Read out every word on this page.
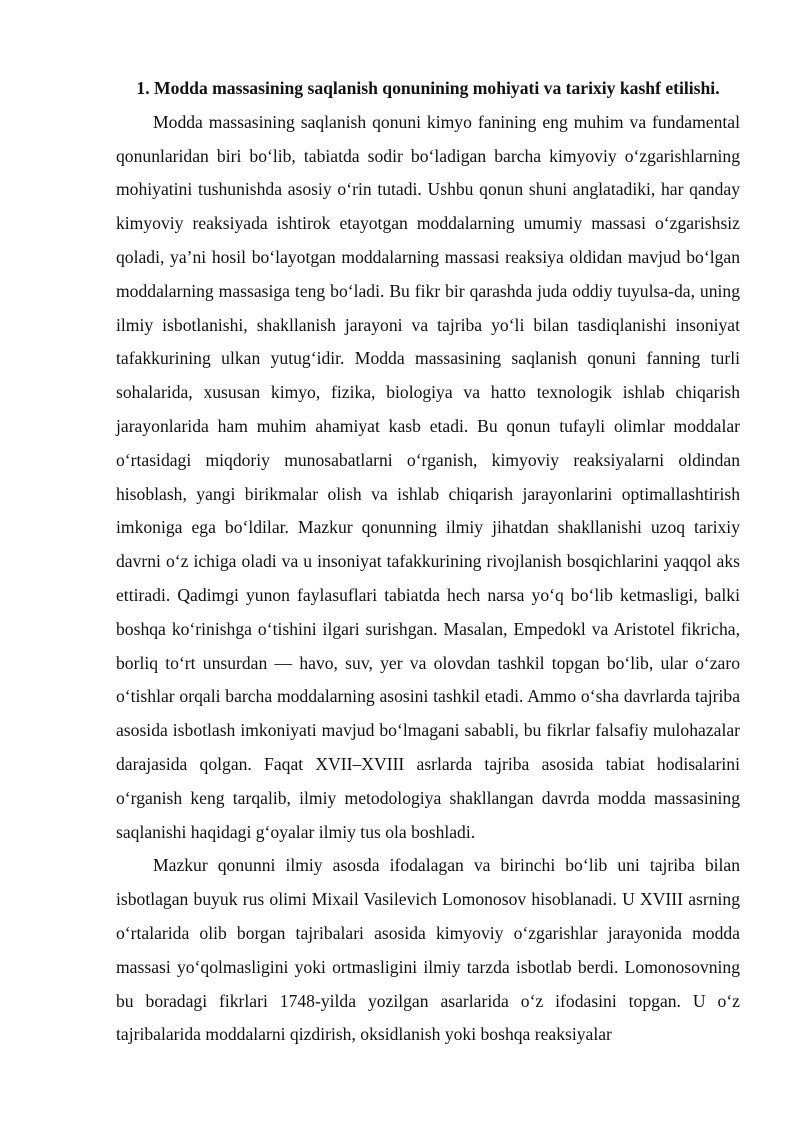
1. Modda massasining saqlanish qonunining mohiyati va tarixiy kashf etilishi.

Modda massasining saqlanish qonuni kimyo fanining eng muhim va fundamental qonunlaridan biri bo‘lib, tabiatda sodir bo‘ladigan barcha kimyoviy o‘zgarishlarning mohiyatini tushunishda asosiy o‘rin tutadi. Ushbu qonun shuni anglatadiki, har qanday kimyoviy reaksiyada ishtirok etayotgan moddalarning umumiy massasi o‘zgarishsiz qoladi, ya’ni hosil bo‘layotgan moddalarning massasi reaksiya oldidan mavjud bo‘lgan moddalarning massasiga teng bo‘ladi. Bu fikr bir qarashda juda oddiy tuyulsa-da, uning ilmiy isbotlanishi, shakllanish jarayoni va tajriba yo‘li bilan tasdiqlanishi insoniyat tafakkurining ulkan yutug‘idir. Modda massasining saqlanish qonuni fanning turli sohalarida, xususan kimyo, fizika, biologiya va hatto texnologik ishlab chiqarish jarayonlarida ham muhim ahamiyat kasb etadi. Bu qonun tufayli olimlar moddalar o‘rtasidagi miqdoriy munosabatlarni o‘rganish, kimyoviy reaksiyalarni oldindan hisoblash, yangi birikmalar olish va ishlab chiqarish jarayonlarini optimallashtirish imkoniga ega bo‘ldilar. Mazkur qonunning ilmiy jihatdan shakllanishi uzoq tarixiy davrni o‘z ichiga oladi va u insoniyat tafakkurining rivojlanish bosqichlarini yaqqol aks ettiradi. Qadimgi yunon faylasuflari tabiatda hech narsa yo‘q bo‘lib ketmasligi, balki boshqa ko‘rinishga o‘tishini ilgari surishgan. Masalan, Empedokl va Aristotel fikricha, borliq to‘rt unsurdan — havo, suv, yer va olovdan tashkil topgan bo‘lib, ular o‘zaro o‘tishlar orqali barcha moddalarning asosini tashkil etadi. Ammo o‘sha davrlarda tajriba asosida isbotlash imkoniyati mavjud bo‘lmagani sababli, bu fikrlar falsafiy mulohazalar darajasida qolgan. Faqat XVII–XVIII asrlarda tajriba asosida tabiat hodisalarini o‘rganish keng tarqalib, ilmiy metodologiya shakllangan davrda modda massasining saqlanishi haqidagi g‘oyalar ilmiy tus ola boshladi.

Mazkur qonunni ilmiy asosda ifodalagan va birinchi bo‘lib uni tajriba bilan isbotlagan buyuk rus olimi Mixail Vasilevich Lomonosov hisoblanadi. U XVIII asrning o‘rtalarida olib borgan tajribalari asosida kimyoviy o‘zgarishlar jarayonida modda massasi yo‘qolmasligini yoki ortmasligini ilmiy tarzda isbotlab berdi. Lomonosovning bu boradagi fikrlari 1748-yilda yozilgan asarlarida o‘z ifodasini topgan. U o‘z tajribalarida moddalarni qizdirish, oksidlanish yoki boshqa reaksiyalar
